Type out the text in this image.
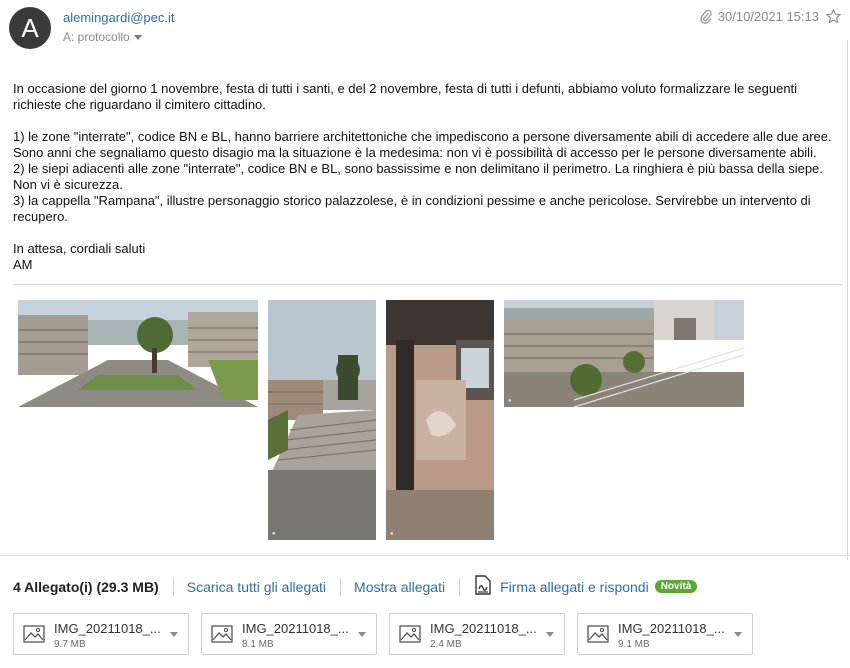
A alemingardi@pec.it
A: protocollo
30/10/2021 15:13

In occasione del giorno 1 novembre, festa di tutti i santi, e del 2 novembre, festa di tutti i defunti, abbiamo voluto formalizzare le seguenti richieste che riguardano il cimitero cittadino.

1) le zone "interrate", codice BN e BL, hanno barriere architettoniche che impediscono a persone diversamente abili di accedere alle due aree.

Sono anni che segnaliamo questo disagio ma la situazione è la medesima: non vi è possibilità di accesso per le persone diversamente abili.

2) le siepi adiacenti alle zone "interrate", codice BN e BL, sono bassissime e non delimitano il perimetro. La ringhiera è più bassa della siepe.

Non vi è sicurezza.

3) la cappella "Rampana", illustre personaggio storico palazzolese, è in condizioni pessime e anche pericolose. Servirebbe un intervento di recupero.

In attesa, cordiali saluti

AM

●
●	●
●
4 Allegato(i) (29.3 MB) Scarica tutti gli allegati Mostra allegati	Firma allegati e rispondi	Novità
IMG_20211018_...
9.7 MB
IMG_20211018_...
8.1 MB
IMG_20211018_...
2.4 MB
IMG_20211018_...
9.1 MB
